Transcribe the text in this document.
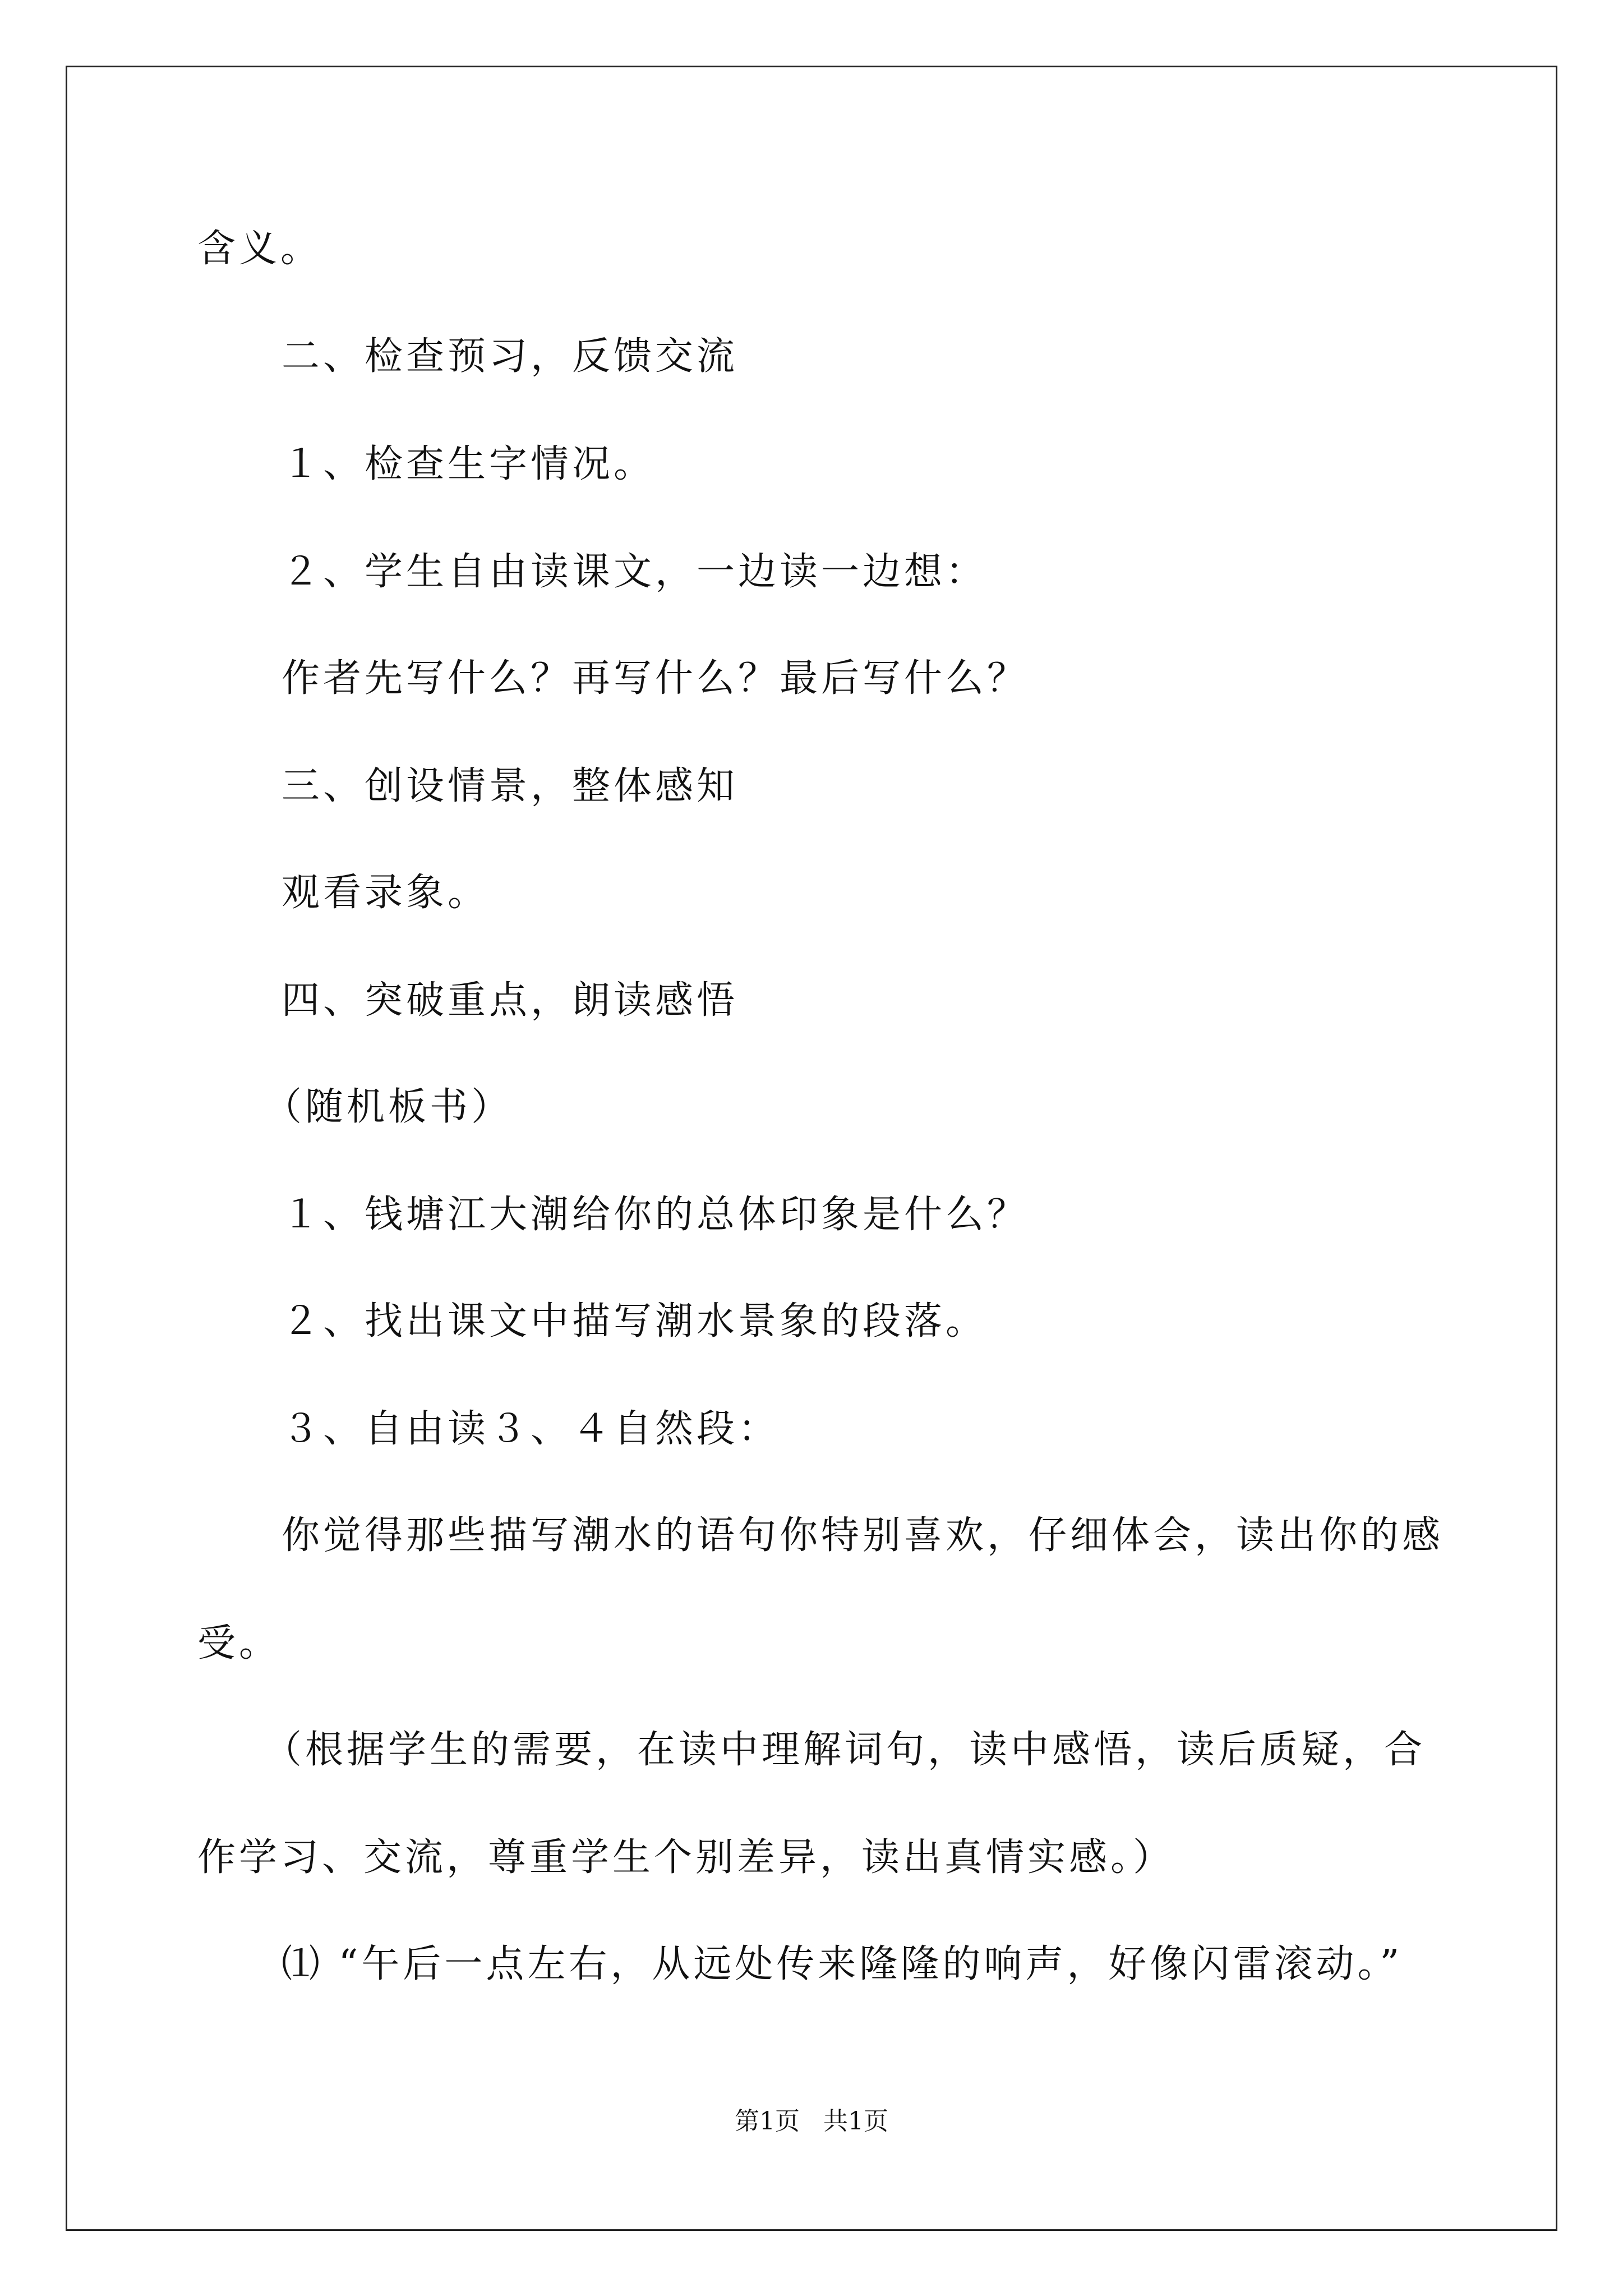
含义。
二、检查预习，反馈交流
１、检查生字情况。
２、学生自由读课文，一边读一边想：
作者先写什么？再写什么？最后写什么？
三、创设情景，整体感知
观看录象。
四、突破重点，朗读感悟
（随机板书）
１、钱塘江大潮给你的总体印象是什么？
２、找出课文中描写潮水景象的段落。
３、自由读３、４自然段：
你觉得那些描写潮水的语句你特别喜欢，仔细体会，读出你的感
受。
（根据学生的需要，在读中理解词句，读中感悟，读后质疑，合
作学习、交流，尊重学生个别差异，读出真情实感。）
⑴ “午后一点左右，从远处传来隆隆的响声，好像闪雷滚动。”
第1页   共1页
